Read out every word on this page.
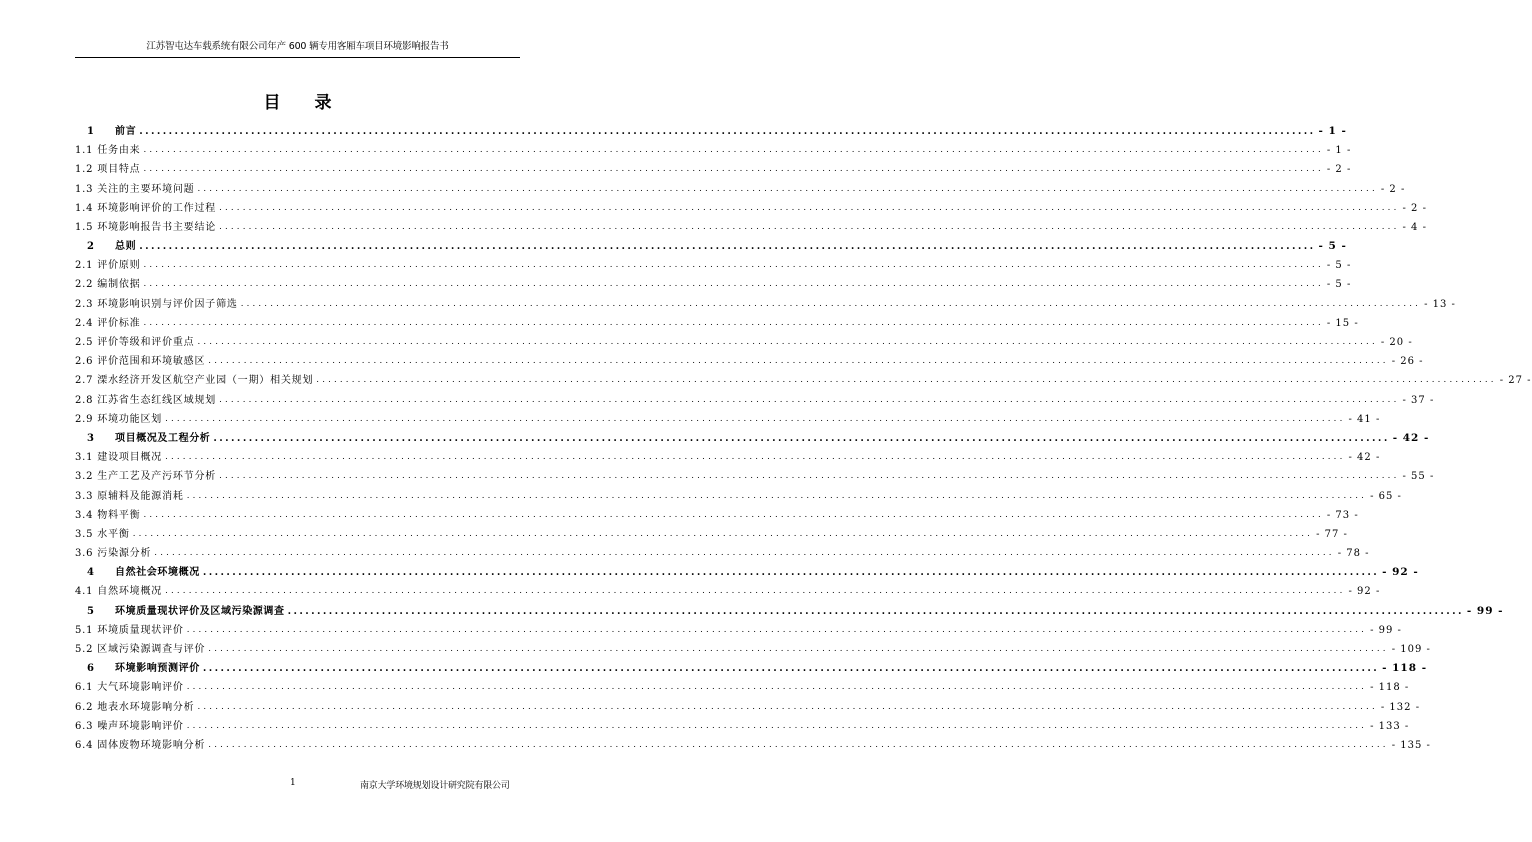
江苏智屯达车载系统有限公司年产 600 辆专用客厢车项目环境影响报告书
目 录
1 前言 ........................................................................................................................................................................................................ - 1 -
1.1 任务由来 ........................................................................................................................................................................................................ - 1 -
1.2 项目特点 ........................................................................................................................................................................................................ - 2 -
1.3 关注的主要环境问题 ........................................................................................................................................................................................................ - 2 -
1.4 环境影响评价的工作过程 ........................................................................................................................................................................................................ - 2 -
1.5 环境影响报告书主要结论 ........................................................................................................................................................................................................ - 4 -
2 总则 ........................................................................................................................................................................................................ - 5 -
2.1 评价原则 ........................................................................................................................................................................................................ - 5 -
2.2 编制依据 ........................................................................................................................................................................................................ - 5 -
2.3 环境影响识别与评价因子筛选 ........................................................................................................................................................................................................ - 13 -
2.4 评价标准 ........................................................................................................................................................................................................ - 15 -
2.5 评价等级和评价重点 ........................................................................................................................................................................................................ - 20 -
2.6 评价范围和环境敏感区 ........................................................................................................................................................................................................ - 26 -
2.7 溧水经济开发区航空产业园（一期）相关规划 ........................................................................................................................................................................................................ - 27 -
2.8 江苏省生态红线区域规划 ........................................................................................................................................................................................................ - 37 -
2.9 环境功能区划 ........................................................................................................................................................................................................ - 41 -
3 项目概况及工程分析 ........................................................................................................................................................................................................ - 42 -
3.1 建设项目概况 ........................................................................................................................................................................................................ - 42 -
3.2 生产工艺及产污环节分析 ........................................................................................................................................................................................................ - 55 -
3.3 原辅料及能源消耗 ........................................................................................................................................................................................................ - 65 -
3.4 物料平衡 ........................................................................................................................................................................................................ - 73 -
3.5 水平衡 ........................................................................................................................................................................................................ - 77 -
3.6 污染源分析 ........................................................................................................................................................................................................ - 78 -
4 自然社会环境概况 ........................................................................................................................................................................................................ - 92 -
4.1 自然环境概况 ........................................................................................................................................................................................................ - 92 -
5 环境质量现状评价及区域污染源调查 ........................................................................................................................................................................................................ - 99 -
5.1 环境质量现状评价 ........................................................................................................................................................................................................ - 99 -
5.2 区域污染源调查与评价 ........................................................................................................................................................................................................ - 109 -
6 环境影响预测评价 ........................................................................................................................................................................................................ - 118 -
6.1 大气环境影响评价 ........................................................................................................................................................................................................ - 118 -
6.2 地表水环境影响分析 ........................................................................................................................................................................................................ - 132 -
6.3 噪声环境影响评价 ........................................................................................................................................................................................................ - 133 -
6.4 固体废物环境影响分析 ........................................................................................................................................................................................................ - 135 -
1	南京大学环境规划设计研究院有限公司
